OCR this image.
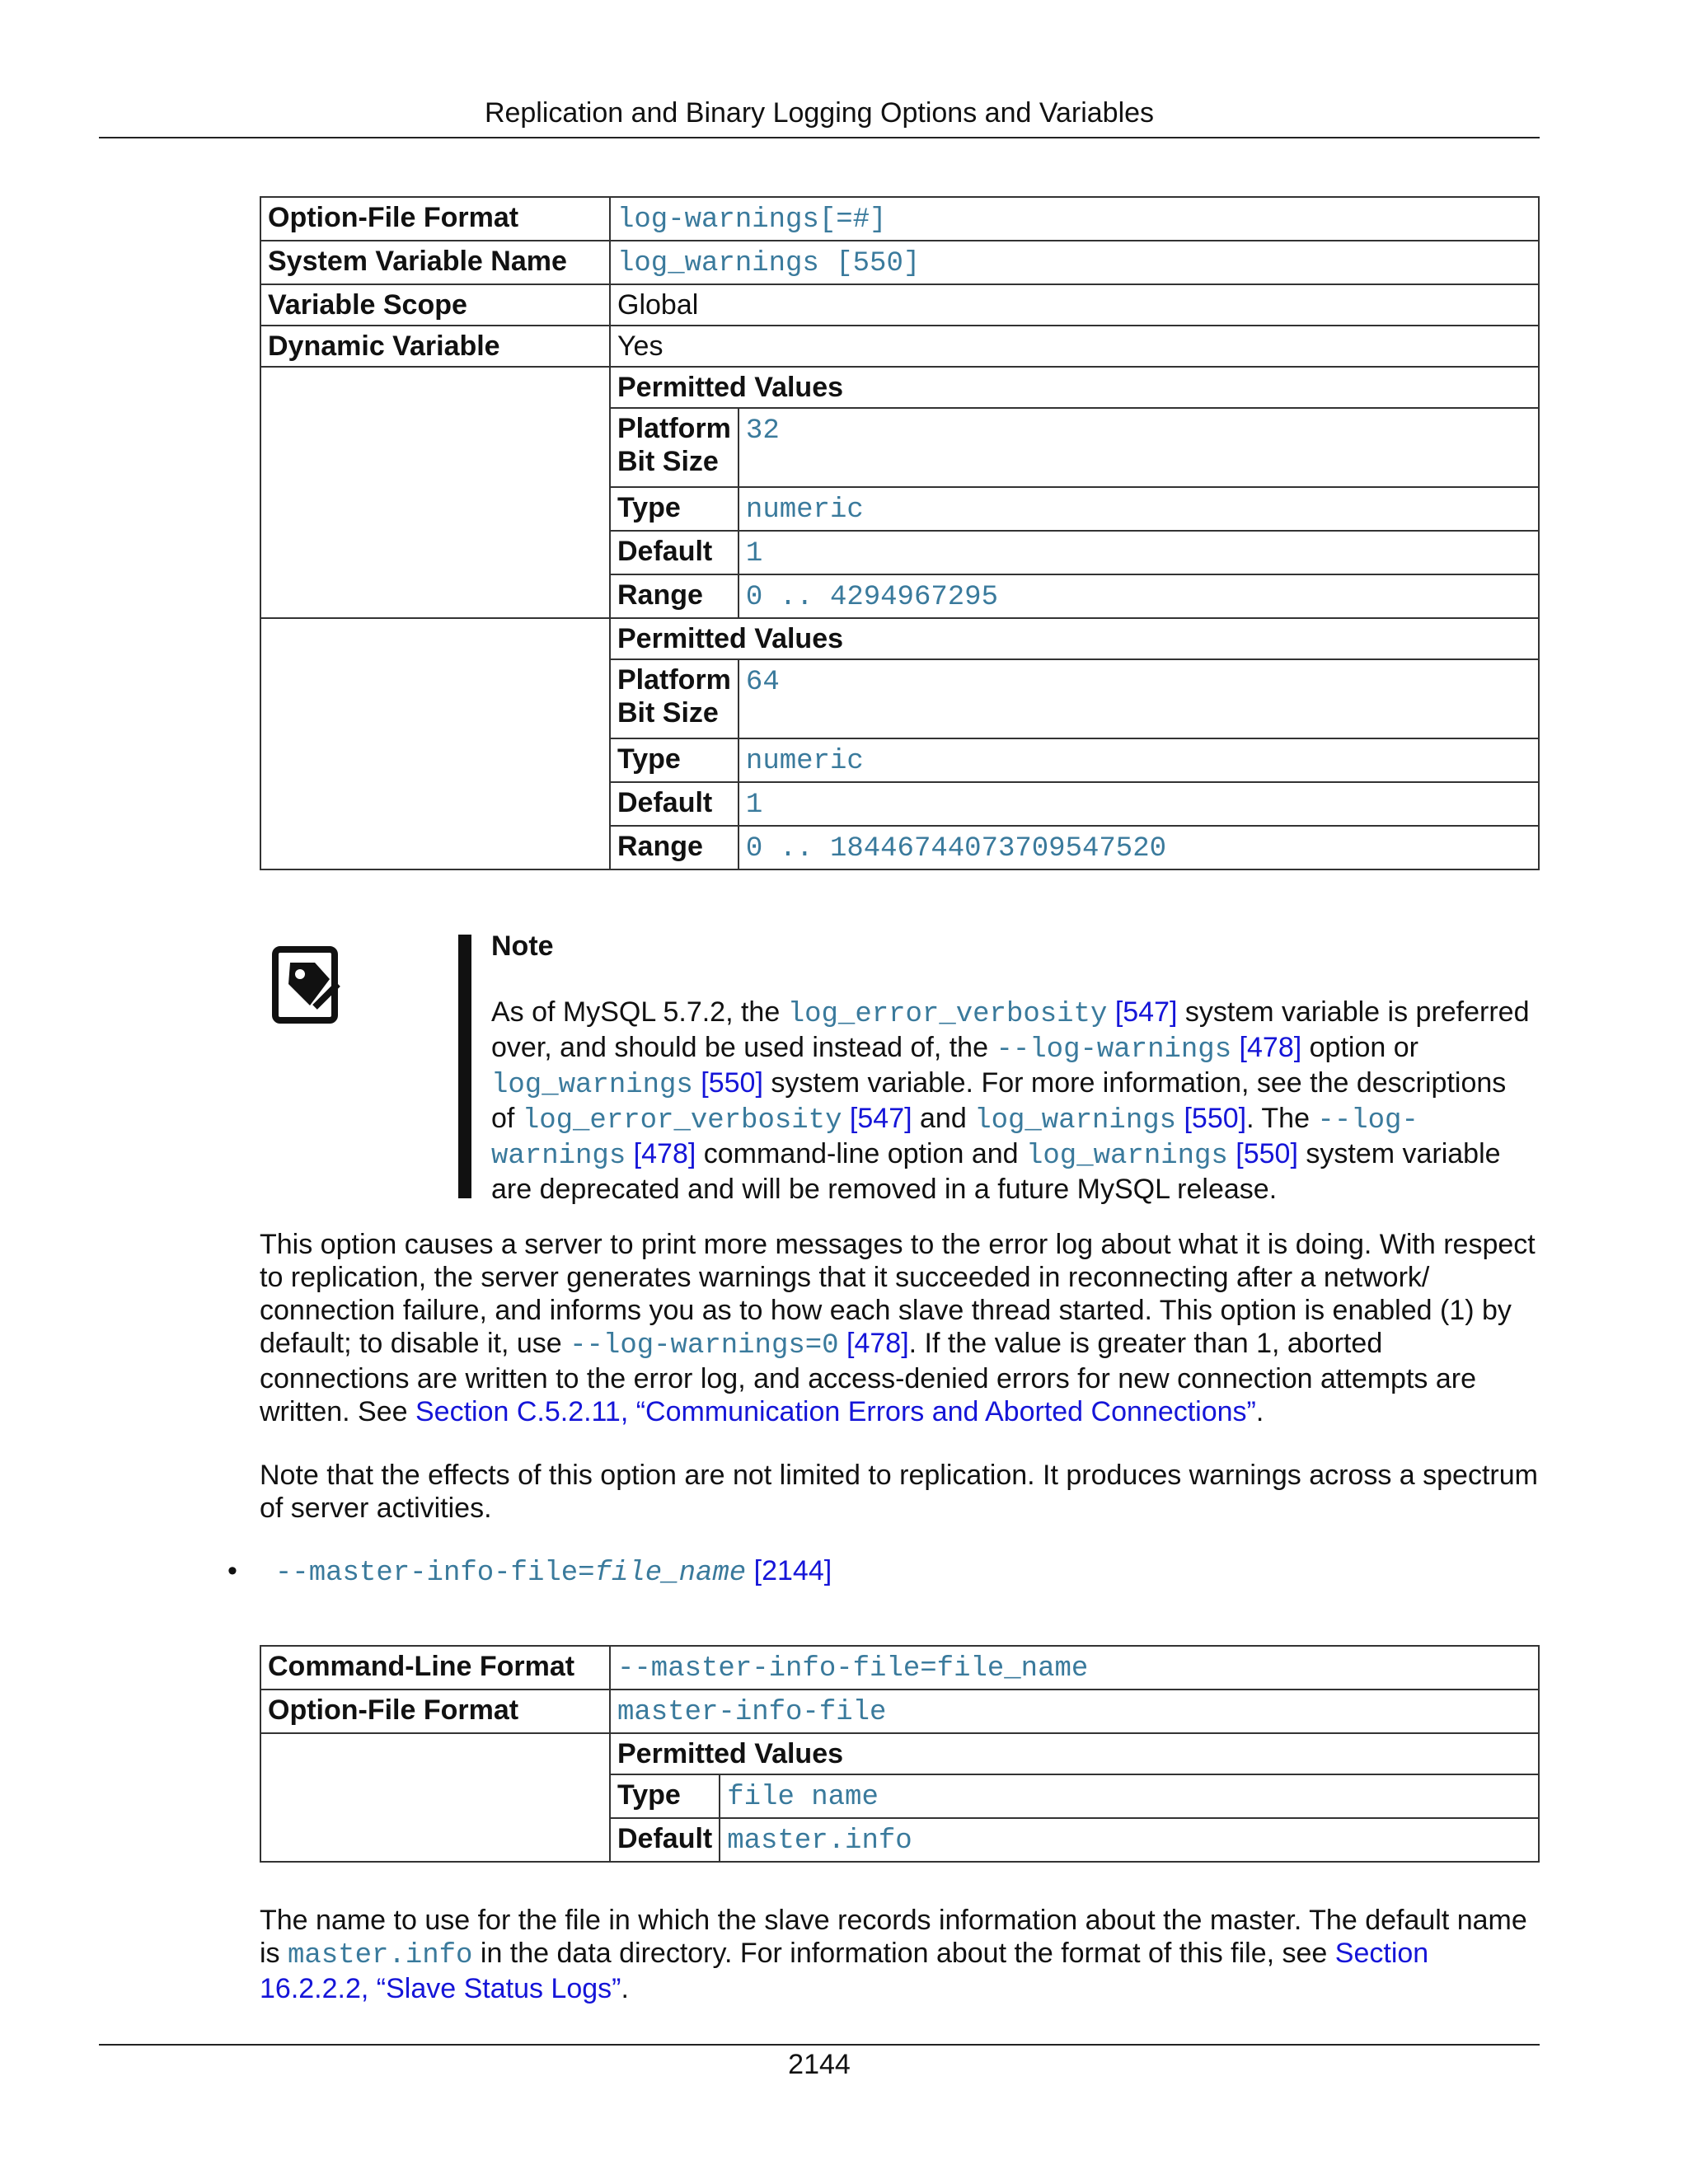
Replication and Binary Logging Options and Variables
Option-File Format	log-warnings[=#]
System Variable Name	log_warnings [550]
Variable Scope	Global
Dynamic Variable	Yes

Permitted Values
Platform Bit Size	32
Type	numeric
Default	1
Range	0 .. 4294967295

Permitted Values
Platform Bit Size	64
Type	numeric
Default	1
Range	0 .. 18446744073709547520
Note
As of MySQL 5.7.2, the log_error_verbosity [547] system variable is preferred over, and should be used instead of, the --log-warnings [478] option or log_warnings [550] system variable. For more information, see the descriptions of log_error_verbosity [547] and log_warnings [550]. The --log-warnings [478] command-line option and log_warnings [550] system variable are deprecated and will be removed in a future MySQL release.
This option causes a server to print more messages to the error log about what it is doing. With respect to replication, the server generates warnings that it succeeded in reconnecting after a network/ connection failure, and informs you as to how each slave thread started. This option is enabled (1) by default; to disable it, use --log-warnings=0 [478]. If the value is greater than 1, aborted connections are written to the error log, and access-denied errors for new connection attempts are written. See Section C.5.2.11, “Communication Errors and Aborted Connections”.
Note that the effects of this option are not limited to replication. It produces warnings across a spectrum of server activities.
• --master-info-file=file_name [2144]
Command-Line Format	--master-info-file=file_name
Option-File Format	master-info-file

Permitted Values
Type	file name
Default	master.info
The name to use for the file in which the slave records information about the master. The default name is master.info in the data directory. For information about the format of this file, see Section 16.2.2.2, “Slave Status Logs”.
2144
